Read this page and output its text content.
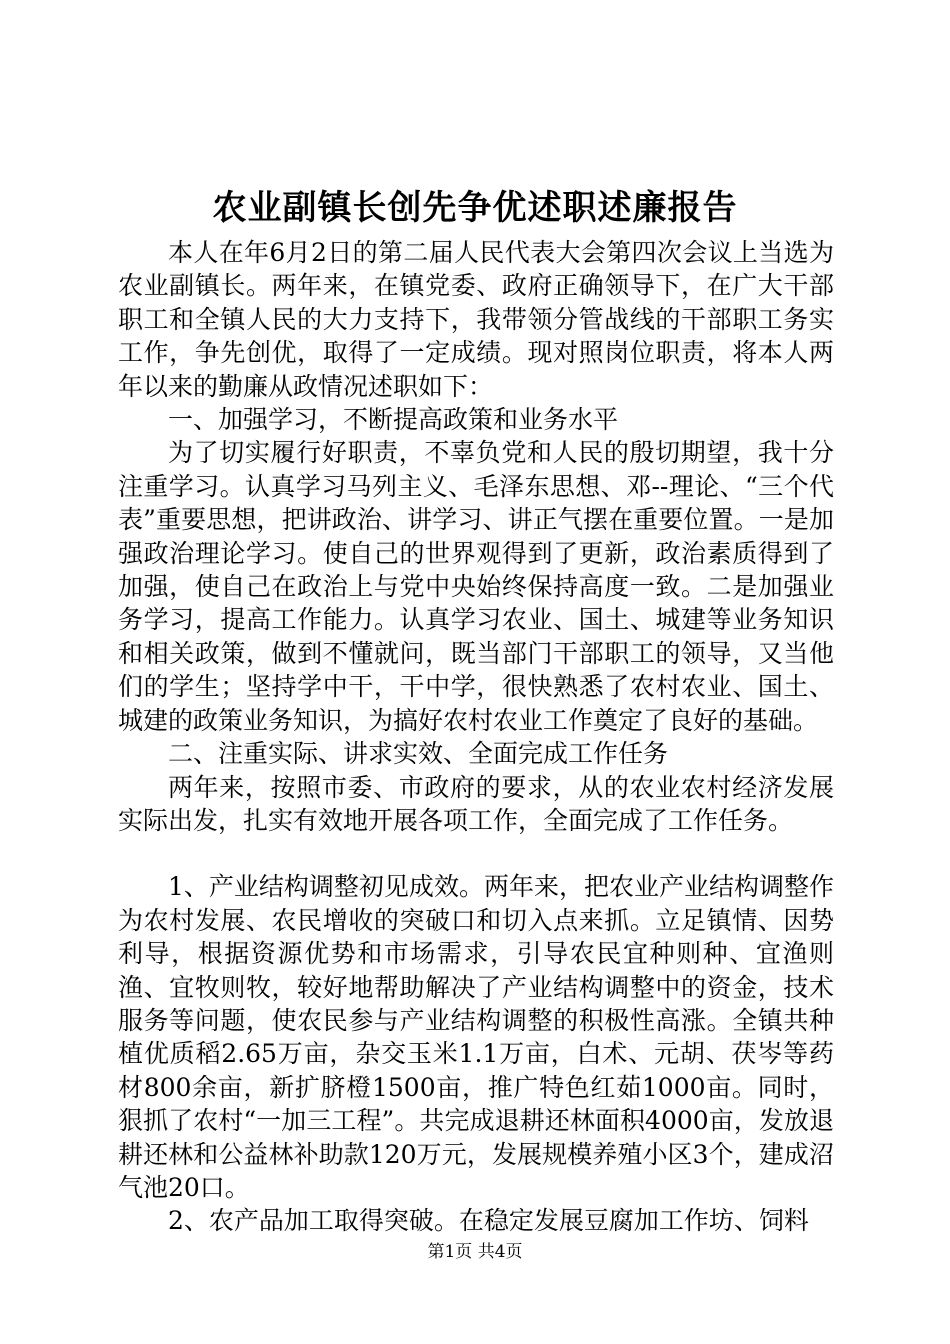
农业副镇长创先争优述职述廉报告

本人在年6月2日的第二届人民代表大会第四次会议上当选为农业副镇长。两年来，在镇党委、政府正确领导下，在广大干部职工和全镇人民的大力支持下，我带领分管战线的干部职工务实工作，争先创优，取得了一定成绩。现对照岗位职责，将本人两年以来的勤廉从政情况述职如下：

一、加强学习，不断提高政策和业务水平

为了切实履行好职责，不辜负党和人民的殷切期望，我十分注重学习。认真学习马列主义、毛泽东思想、邓--理论、“三个代表”重要思想，把讲政治、讲学习、讲正气摆在重要位置。一是加强政治理论学习。使自己的世界观得到了更新，政治素质得到了加强，使自己在政治上与党中央始终保持高度一致。二是加强业务学习，提高工作能力。认真学习农业、国土、城建等业务知识和相关政策，做到不懂就问，既当部门干部职工的领导，又当他们的学生；坚持学中干，干中学，很快熟悉了农村农业、国土、城建的政策业务知识，为搞好农村农业工作奠定了良好的基础。

二、注重实际、讲求实效、全面完成工作任务

两年来，按照市委、市政府的要求，从的农业农村经济发展实际出发，扎实有效地开展各项工作，全面完成了工作任务。

1、产业结构调整初见成效。两年来，把农业产业结构调整作为农村发展、农民增收的突破口和切入点来抓。立足镇情、因势利导，根据资源优势和市场需求，引导农民宜种则种、宜渔则渔、宜牧则牧，较好地帮助解决了产业结构调整中的资金，技术服务等问题，使农民参与产业结构调整的积极性高涨。全镇共种植优质稻2.65万亩，杂交玉米1.1万亩，白术、元胡、茯岑等药材800余亩，新扩脐橙1500亩，推广特色红茹1000亩。同时，狠抓了农村“一加三工程”。共完成退耕还林面积4000亩，发放退耕还林和公益林补助款120万元，发展规模养殖小区3个，建成沼气池20口。

2、农产品加工取得突破。在稳定发展豆腐加工作坊、饲料

第1页 共4页
